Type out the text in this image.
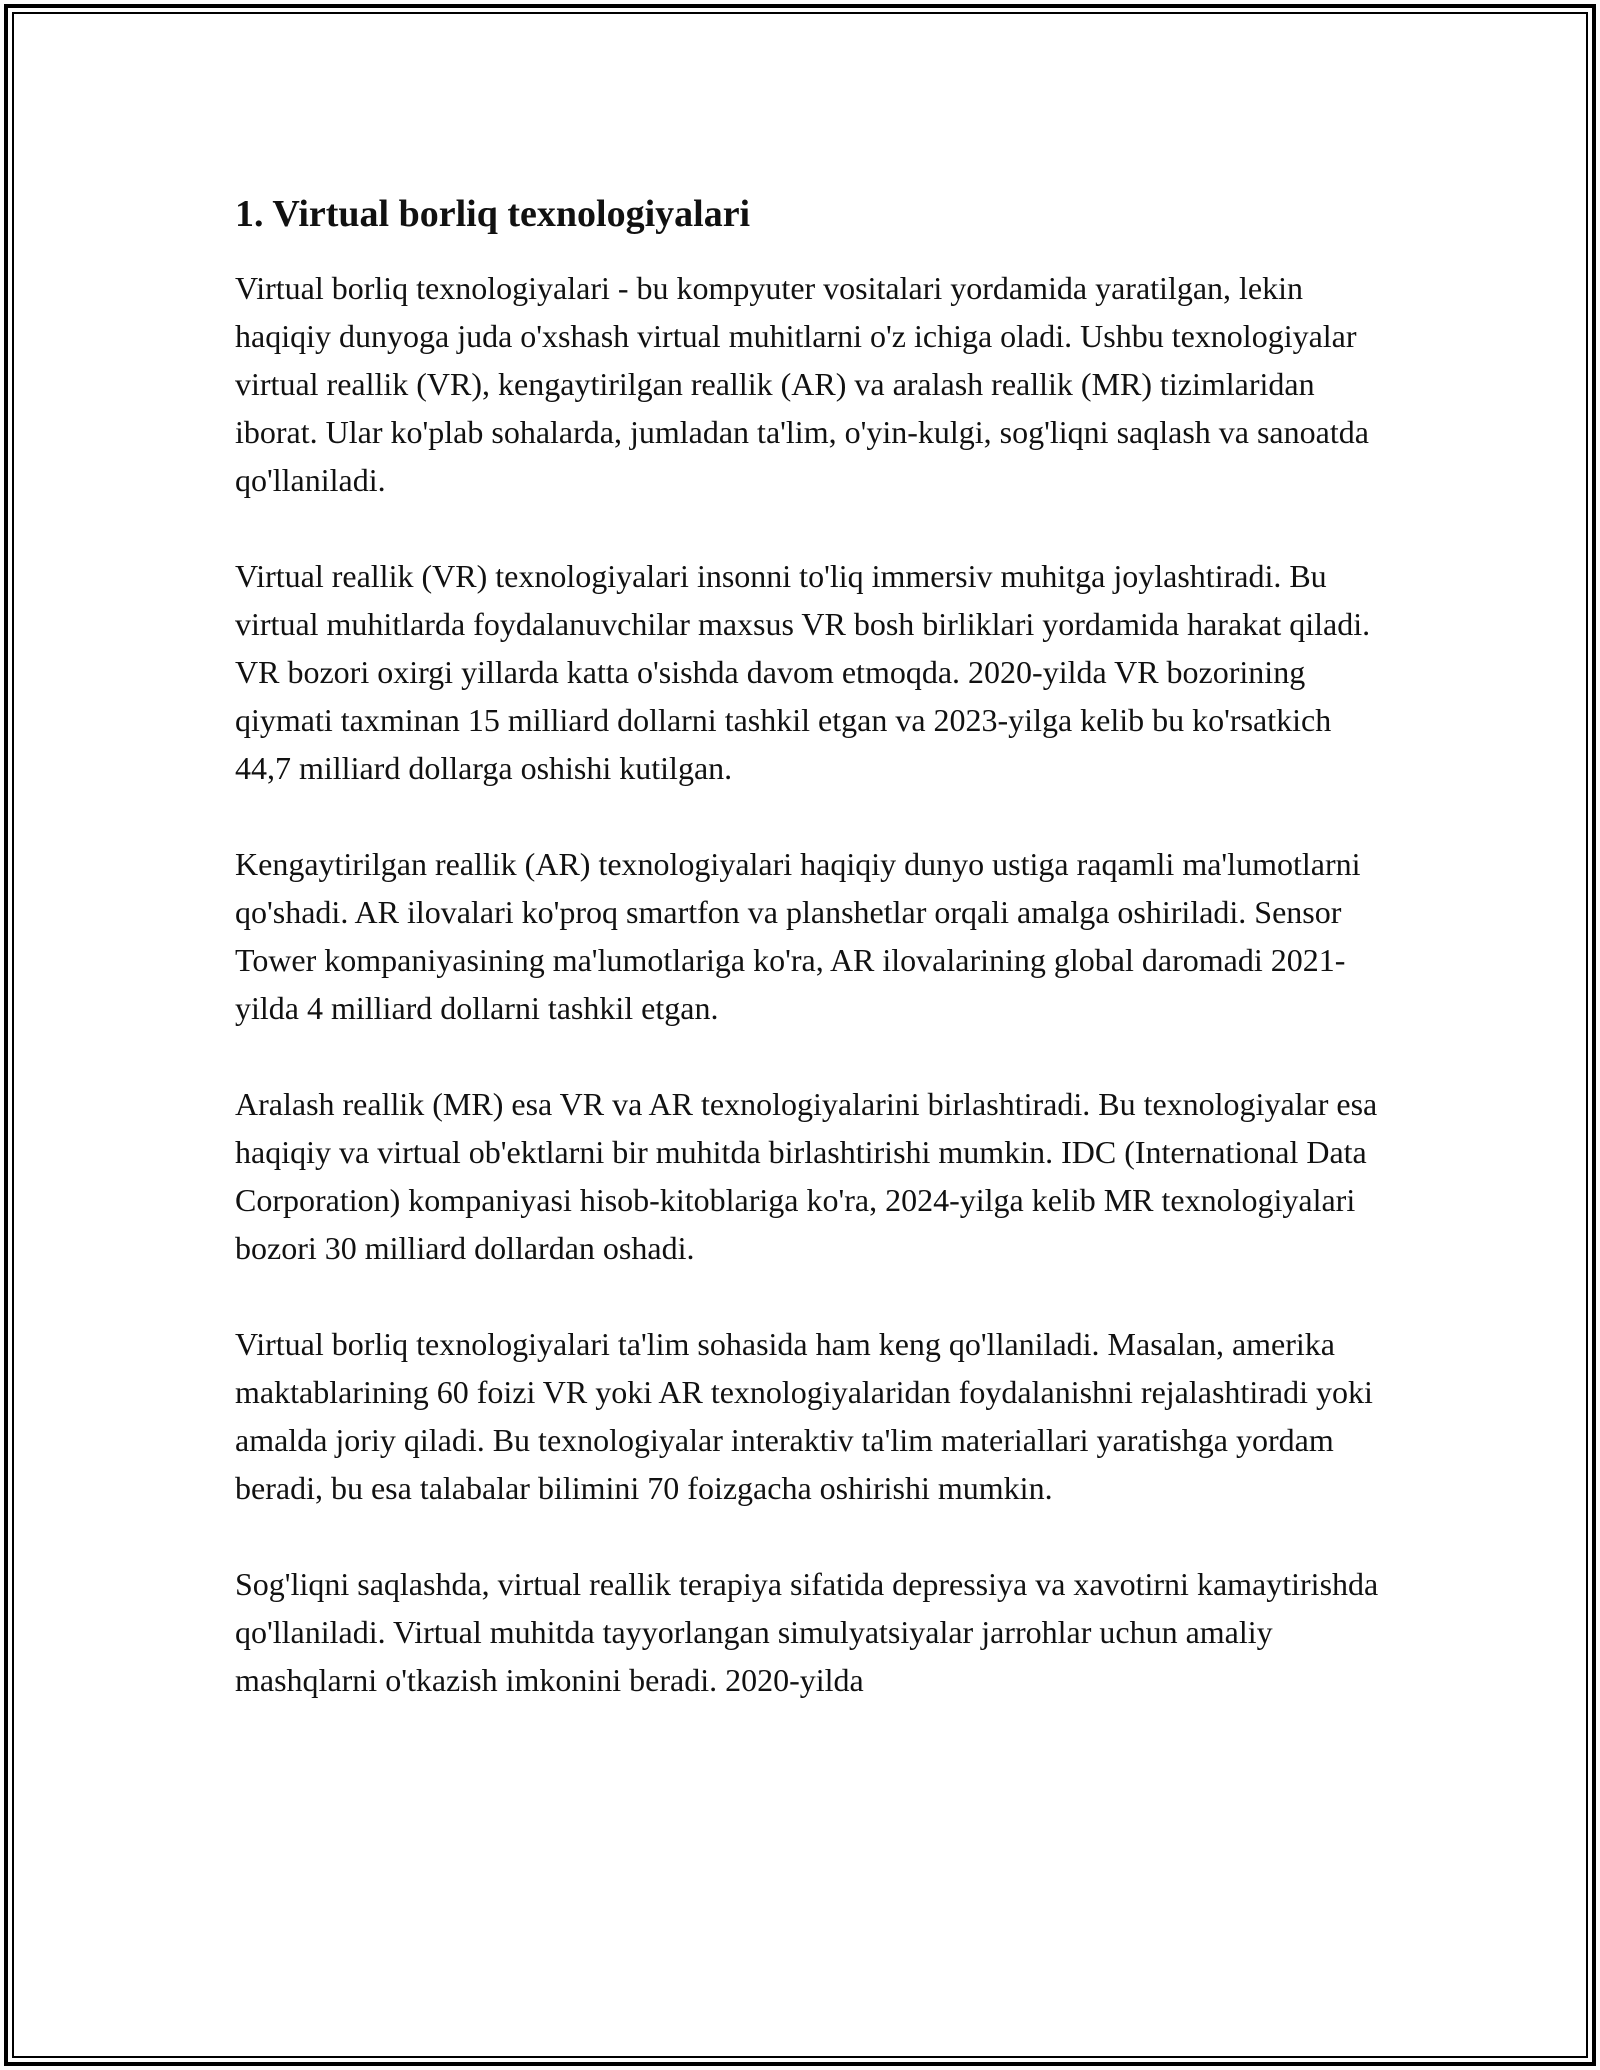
1. Virtual borliq texnologiyalari

Virtual borliq texnologiyalari - bu kompyuter vositalari yordamida yaratilgan, lekin haqiqiy dunyoga juda o'xshash virtual muhitlarni o'z ichiga oladi. Ushbu texnologiyalar virtual reallik (VR), kengaytirilgan reallik (AR) va aralash reallik (MR) tizimlaridan iborat. Ular ko'plab sohalarda, jumladan ta'lim, o'yin-kulgi, sog'liqni saqlash va sanoatda qo'llaniladi.

Virtual reallik (VR) texnologiyalari insonni to'liq immersiv muhitga joylashtiradi. Bu virtual muhitlarda foydalanuvchilar maxsus VR bosh birliklari yordamida harakat qiladi. VR bozori oxirgi yillarda katta o'sishda davom etmoqda. 2020-yilda VR bozorining qiymati taxminan 15 milliard dollarni tashkil etgan va 2023-yilga kelib bu ko'rsatkich 44,7 milliard dollarga oshishi kutilgan.

Kengaytirilgan reallik (AR) texnologiyalari haqiqiy dunyo ustiga raqamli ma'lumotlarni qo'shadi. AR ilovalari ko'proq smartfon va planshetlar orqali amalga oshiriladi. Sensor Tower kompaniyasining ma'lumotlariga ko'ra, AR ilovalarining global daromadi 2021-yilda 4 milliard dollarni tashkil etgan.

Aralash reallik (MR) esa VR va AR texnologiyalarini birlashtiradi. Bu texnologiyalar esa haqiqiy va virtual ob'ektlarni bir muhitda birlashtirishi mumkin. IDC (International Data Corporation) kompaniyasi hisob-kitoblariga ko'ra, 2024-yilga kelib MR texnologiyalari bozori 30 milliard dollardan oshadi.

Virtual borliq texnologiyalari ta'lim sohasida ham keng qo'llaniladi. Masalan, amerika maktablarining 60 foizi VR yoki AR texnologiyalaridan foydalanishni rejalashtiradi yoki amalda joriy qiladi. Bu texnologiyalar interaktiv ta'lim materiallari yaratishga yordam beradi, bu esa talabalar bilimini 70 foizgacha oshirishi mumkin.

Sog'liqni saqlashda, virtual reallik terapiya sifatida depressiya va xavotirni kamaytirishda qo'llaniladi. Virtual muhitda tayyorlangan simulyatsiyalar jarrohlar uchun amaliy mashqlarni o'tkazish imkonini beradi. 2020-yilda
